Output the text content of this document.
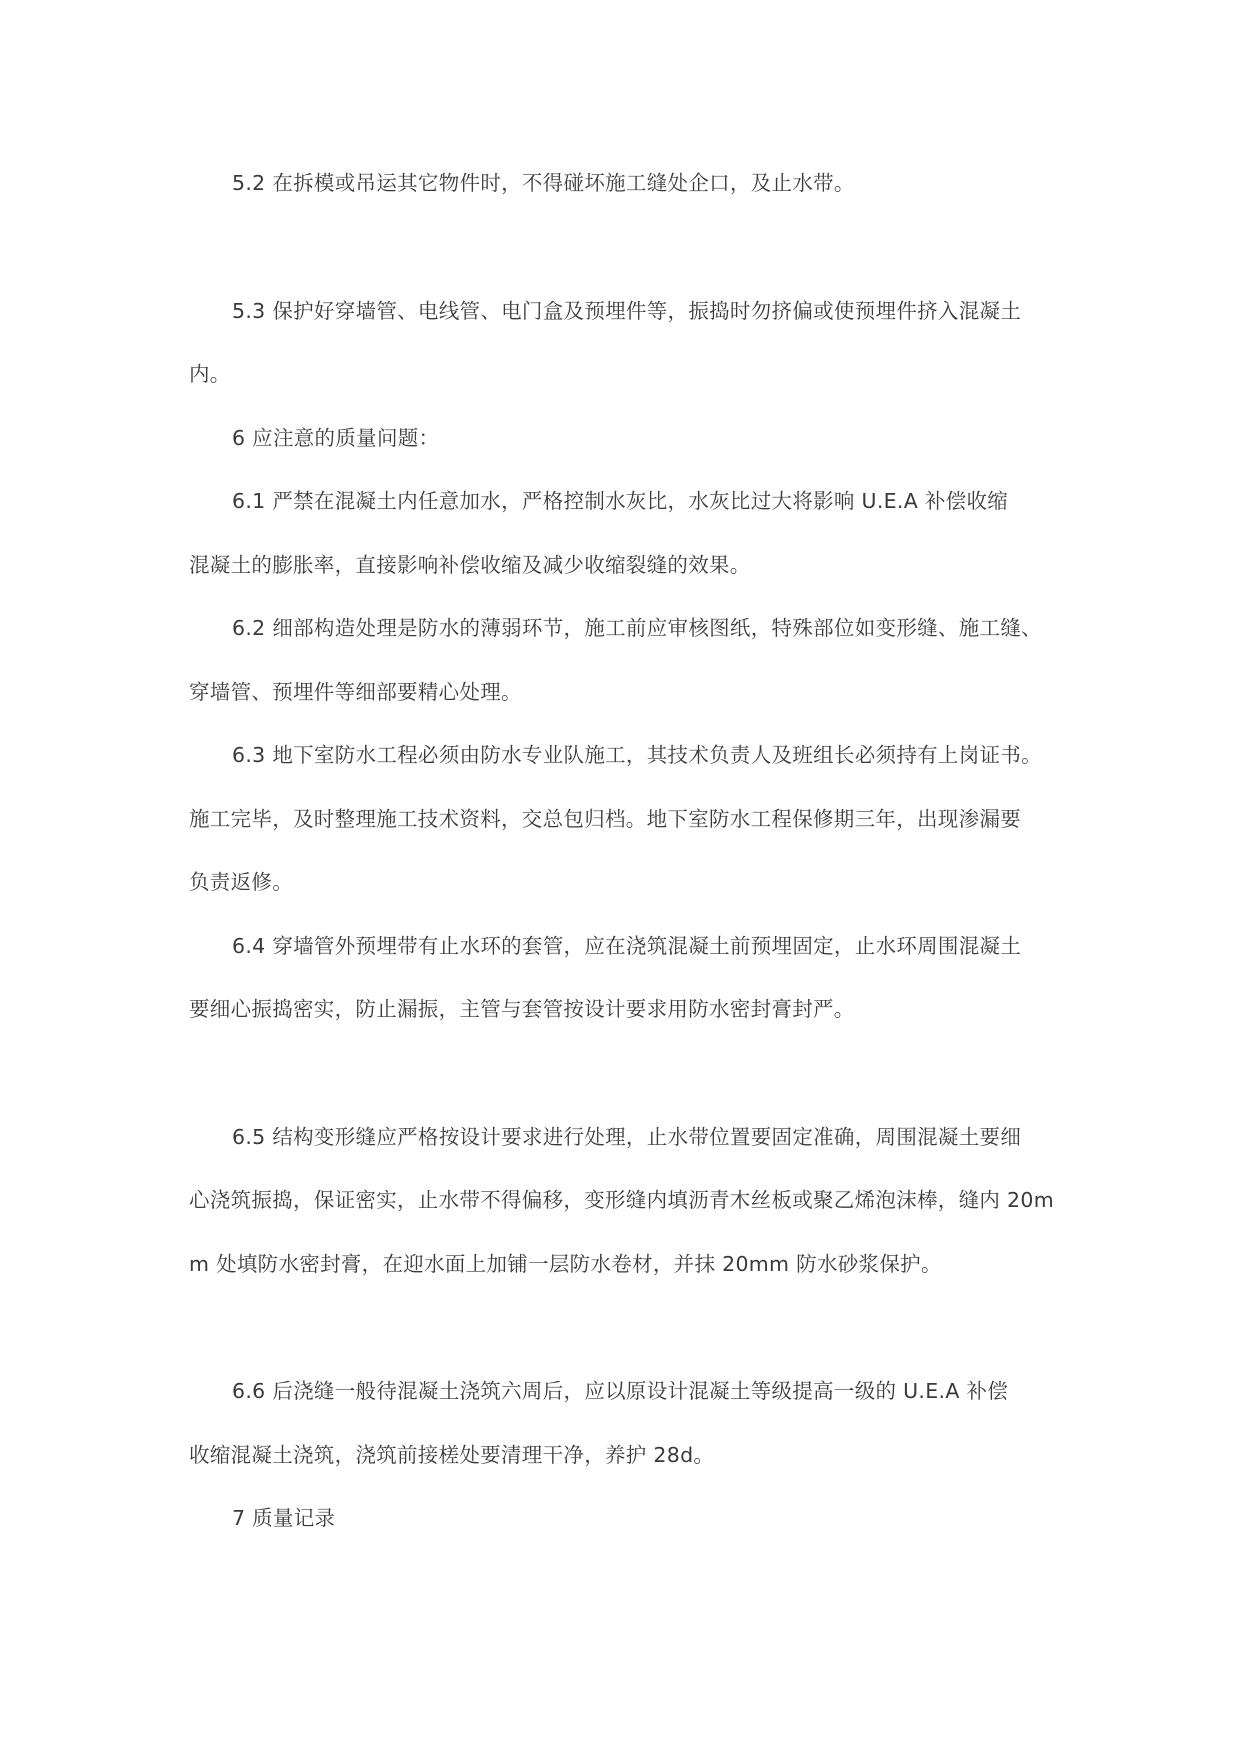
5.2 在拆模或吊运其它物件时，不得碰坏施工缝处企口，及止水带。
5.3 保护好穿墙管、电线管、电门盒及预埋件等，振捣时勿挤偏或使预埋件挤入混凝土
内。
6 应注意的质量问题：
6.1 严禁在混凝土内任意加水，严格控制水灰比，水灰比过大将影响 U.E.A 补偿收缩
混凝土的膨胀率，直接影响补偿收缩及减少收缩裂缝的效果。
6.2 细部构造处理是防水的薄弱环节，施工前应审核图纸，特殊部位如变形缝、施工缝、
穿墙管、预埋件等细部要精心处理。
6.3 地下室防水工程必须由防水专业队施工，其技术负责人及班组长必须持有上岗证书。
施工完毕，及时整理施工技术资料，交总包归档。地下室防水工程保修期三年，出现渗漏要
负责返修。
6.4 穿墙管外预埋带有止水环的套管，应在浇筑混凝土前预埋固定，止水环周围混凝土
要细心振捣密实，防止漏振，主管与套管按设计要求用防水密封膏封严。
6.5 结构变形缝应严格按设计要求进行处理，止水带位置要固定准确，周围混凝土要细
心浇筑振捣，保证密实，止水带不得偏移，变形缝内填沥青木丝板或聚乙烯泡沫棒，缝内 20m
m 处填防水密封膏，在迎水面上加铺一层防水卷材，并抹 20mm 防水砂浆保护。
6.6 后浇缝一般待混凝土浇筑六周后，应以原设计混凝土等级提高一级的 U.E.A 补偿
收缩混凝土浇筑，浇筑前接槎处要清理干净，养护 28d。
7 质量记录
